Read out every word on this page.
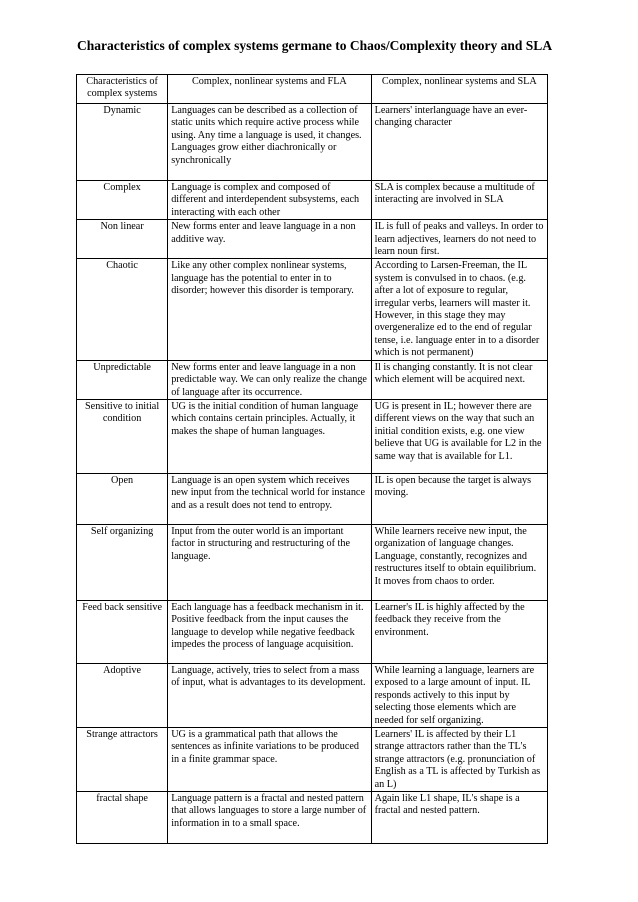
Characteristics of complex systems germane to Chaos/Complexity theory and SLA
Characteristics of complex systems	Complex, nonlinear systems and FLA	Complex, nonlinear systems and SLA
Dynamic	Languages can be described as a collection of static units which require active process while using. Any time a language is used, it changes. Languages grow either diachronically or synchronically	Learners' interlanguage have an ever-changing character
Complex	Language is complex and composed of different and interdependent subsystems, each interacting with each other	SLA is complex because a multitude of interacting are involved in SLA
Non linear	New forms enter and leave language in a non additive way.	IL is full of peaks and valleys. In order to learn adjectives, learners do not need to learn noun first.
Chaotic	Like any other complex nonlinear systems, language has the potential to enter in to disorder; however this disorder is temporary.	According to Larsen-Freeman, the IL system is convulsed in to chaos. (e.g. after a lot of exposure to regular, irregular verbs, learners will master it. However, in this stage they may overgeneralize ed to the end of regular tense, i.e. language enter in to a disorder which is not permanent)
Unpredictable	New forms enter and leave language in a non predictable way. We can only realize the change of language after its occurrence.	Il is changing constantly. It is not clear which element will be acquired next.
Sensitive to initial condition	UG is the initial condition of human language which contains certain principles. Actually, it makes the shape of human languages.	UG is present in IL; however there are different views on the way that such an initial condition exists, e.g. one view believe that UG is available for L2 in the same way that is available for L1.
Open	Language is an open system which receives new input from the technical world for instance and as a result does not tend to entropy.	IL is open because the target is always moving.
Self organizing	Input from the outer world is an important factor in structuring and restructuring of the language.	While learners receive new input, the organization of language changes. Language, constantly, recognizes and restructures itself to obtain equilibrium. It moves from chaos to order.
Feed back sensitive	Each language has a feedback mechanism in it. Positive feedback from the input causes the language to develop while negative feedback impedes the process of language acquisition.	Learner's IL is highly affected by the feedback they receive from the environment.
Adoptive	Language, actively, tries to select from a mass of input, what is advantages to its development.	While learning a language, learners are exposed to a large amount of input. IL responds actively to this input by selecting those elements which are needed for self organizing.
Strange attractors	UG is a grammatical path that allows the sentences as infinite variations to be produced in a finite grammar space.	Learners' IL is affected by their L1 strange attractors rather than the TL's strange attractors (e.g. pronunciation of English as a TL is affected by Turkish as an L)
fractal shape	Language pattern is a fractal and nested pattern that allows languages to store a large number of information in to a small space.	Again like L1 shape, IL's shape is a fractal and nested pattern.
